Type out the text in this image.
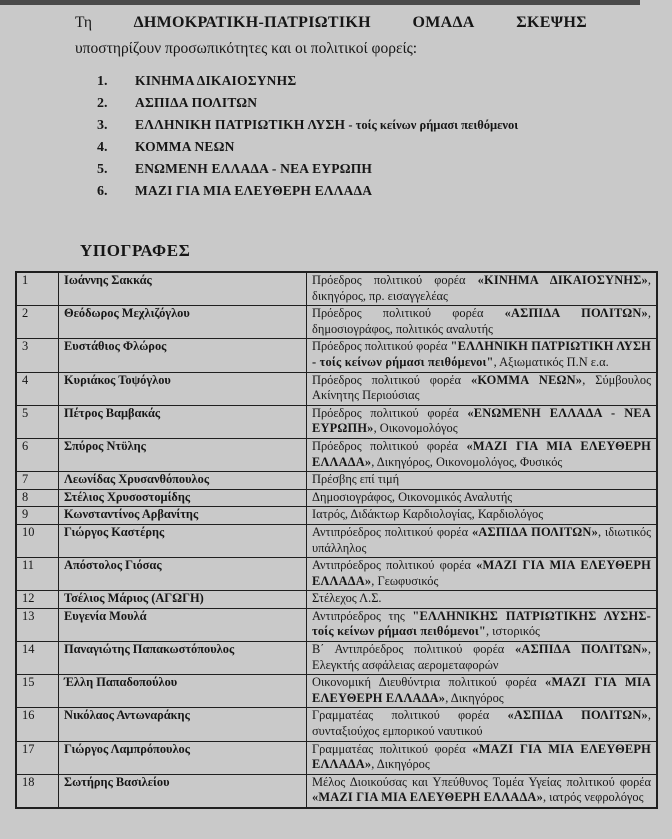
Τη	ΔΗΜΟΚΡΑΤΙΚΗ-ΠΑΤΡΙΩΤΙΚΗ	ΟΜΑΔΑ	ΣΚΕΨΗΣ
υποστηρίζουν προσωπικότητες και οι πολιτικοί φορείς:
1.	ΚΙΝΗΜΑ ΔΙΚΑΙΟΣΥΝΗΣ
2.	ΑΣΠΙΔΑ ΠΟΛΙΤΩΝ
3.	ΕΛΛΗΝΙΚΗ ΠΑΤΡΙΩΤΙΚΗ ΛΥΣΗ - τοίς κείνων ρήμασι πειθόμενοι
4.	ΚΟΜΜΑ ΝΕΩΝ
5.	ΕΝΩΜΕΝΗ ΕΛΛΑΔΑ - ΝΕΑ ΕΥΡΩΠΗ
6.	ΜΑΖΙ ΓΙΑ ΜΙΑ ΕΛΕΥΘΕΡΗ ΕΛΛΑΔΑ
ΥΠΟΓΡΑΦΕΣ
1	Ιωάννης Σακκάς	Πρόεδρος πολιτικού φορέα «ΚΙΝΗΜΑ ΔΙΚΑΙΟΣΥΝΗΣ», δικηγόρος, πρ. εισαγγελέας
2	Θεόδωρος Μεχλιζόγλου	Πρόεδρος πολιτικού φορέα «ΑΣΠΙΔΑ ΠΟΛΙΤΩΝ», δημοσιογράφος, πολιτικός αναλυτής
3	Ευστάθιος Φλώρος	Πρόεδρος πολιτικού φορέα "ΕΛΛΗΝΙΚΗ ΠΑΤΡΙΩΤΙΚΗ ΛΥΣΗ - τοίς κείνων ρήμασι πειθόμενοι", Αξιωματικός Π.Ν ε.α.
4	Κυριάκος Τοψόγλου	Πρόεδρος πολιτικού φορέα «ΚΟΜΜΑ ΝΕΩΝ», Σύμβουλος Ακίνητης Περιούσιας
5	Πέτρος Βαμβακάς	Πρόεδρος πολιτικού φορέα «ΕΝΩΜΕΝΗ ΕΛΛΑΔΑ - ΝΕΑ ΕΥΡΩΠΗ», Οικονομολόγος
6	Σπύρος Ντϋλης	Πρόεδρος πολιτικού φορέα «ΜΑΖΙ ΓΙΑ ΜΙΑ ΕΛΕΥΘΕΡΗ ΕΛΛΑΔΑ», Δικηγόρος, Οικονομολόγος, Φυσικός
7	Λεωνίδας Χρυσανθόπουλος	Πρέσβης επί τιμή
8	Στέλιος Χρυσοστομίδης	Δημοσιογράφος, Οικονομικός Αναλυτής
9	Κωνσταντίνος Αρβανίτης	Ιατρός, Διδάκτωρ Καρδιολογίας, Καρδιολόγος
10	Γιώργος Καστέρης	Αντιπρόεδρος πολιτικού φορέα «ΑΣΠΙΔΑ ΠΟΛΙΤΩΝ», ιδιωτικός υπάλληλος
11	Απόστολος Γιόσας	Αντιπρόεδρος πολιτικού φορέα «ΜΑΖΙ ΓΙΑ ΜΙΑ ΕΛΕΥΘΕΡΗ ΕΛΛΑΔΑ», Γεωφυσικός
12	Τσέλιος Μάριος (ΑΓΩΓΗ)	Στέλεχος Λ.Σ.
13	Ευγενία Μουλά	Αντιπρόεδρος της "ΕΛΛΗΝΙΚΗΣ ΠΑΤΡΙΩΤΙΚΗΣ ΛΥΣΗΣ-τοίς κείνων ρήμασι πειθόμενοι", ιστορικός
14	Παναγιώτης Παπακωστόπουλος	Β΄ Αντιπρόεδρος πολιτικού φορέα «ΑΣΠΙΔΑ ΠΟΛΙΤΩΝ», Ελεγκτής ασφάλειας αερομεταφορών
15	Έλλη Παπαδοπούλου	Οικονομική Διευθύντρια πολιτικού φορέα «ΜΑΖΙ ΓΙΑ ΜΙΑ ΕΛΕΥΘΕΡΗ ΕΛΛΑΔΑ», Δικηγόρος
16	Νικόλαος Αντωναράκης	Γραμματέας πολιτικού φορέα «ΑΣΠΙΔΑ ΠΟΛΙΤΩΝ», συνταξιούχος εμπορικού ναυτικού
17	Γιώργος Λαμπρόπουλος	Γραμματέας πολιτικού φορέα «ΜΑΖΙ ΓΙΑ ΜΙΑ ΕΛΕΥΘΕΡΗ ΕΛΛΑΔΑ», Δικηγόρος
18	Σωτήρης Βασιλείου	Μέλος Διοικούσας και Υπεύθυνος Τομέα Υγείας πολιτικού φορέα «ΜΑΖΙ ΓΙΑ ΜΙΑ ΕΛΕΥΘΕΡΗ ΕΛΛΑΔΑ», ιατρός νεφρολόγος
